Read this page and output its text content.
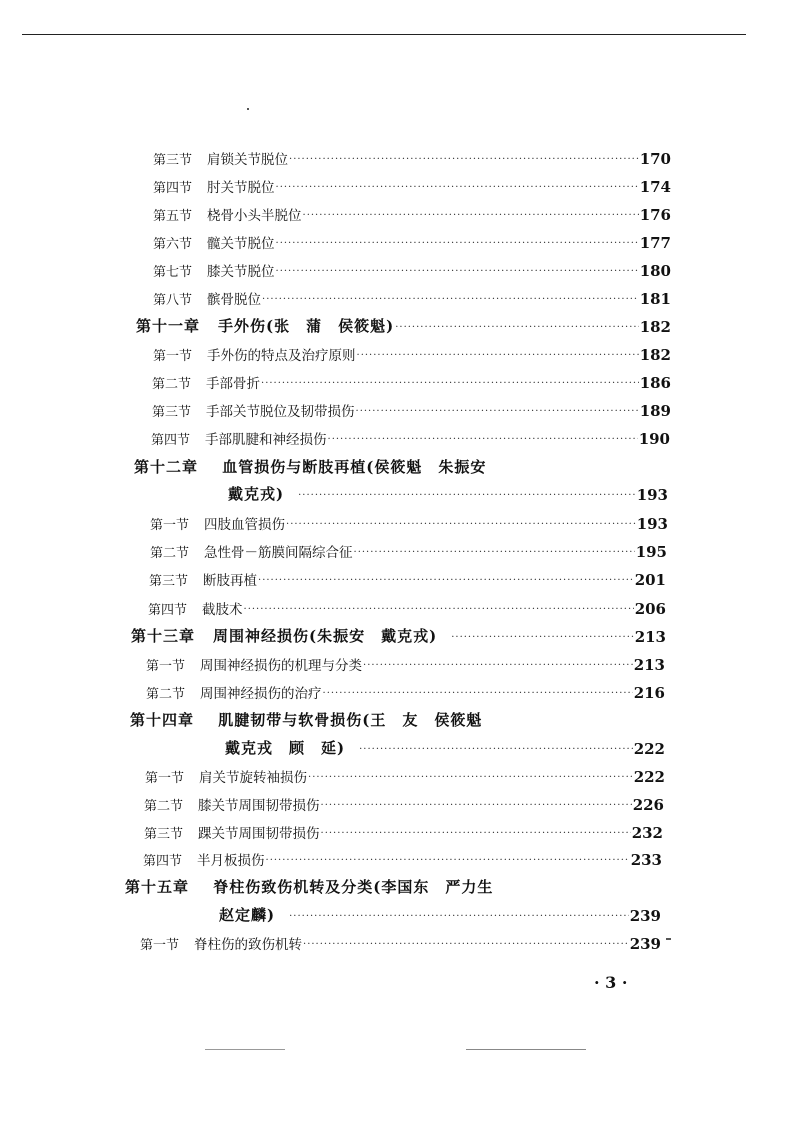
第三节 肩锁关节脱位 ·····	170
第四节 肘关节脱位 ·····	174
第五节 桡骨小头半脱位 ·····	176
第六节 髋关节脱位 ·····	177
第七节 膝关节脱位 ·····	180
第八节 髌骨脱位 ·····	181
第十一章 手外伤(张　蒲　侯筱魁) ·····	182
第一节 手外伤的特点及治疗原则 ·····	182
第二节 手部骨折 ·····	186
第三节 手部关节脱位及韧带损伤 ·····	189
第四节 手部肌腱和神经损伤 ·····	190
第十二章 血管损伤与断肢再植(侯筱魁　朱振安
戴克戎) ·····	193
第一节 四肢血管损伤 ·····	193
第二节 急性骨－筋膜间隔综合征 ·····	195
第三节 断肢再植 ·····	201
第四节 截肢术 ·····	206
第十三章 周围神经损伤(朱振安　戴克戎) ·····	213
第一节 周围神经损伤的机理与分类 ·····	213
第二节 周围神经损伤的治疗 ·····	216
第十四章 肌腱韧带与软骨损伤(王　友　侯筱魁
戴克戎　顾　延) ·····	222
第一节 肩关节旋转袖损伤 ·····	222
第二节 膝关节周围韧带损伤 ·····	226
第三节 踝关节周围韧带损伤 ·····	232
第四节 半月板损伤 ·····	233
第十五章 脊柱伤致伤机转及分类(李国东　严力生
赵定麟) ·····	239
第一节 脊柱伤的致伤机转 ·····	239
· 3 ·
